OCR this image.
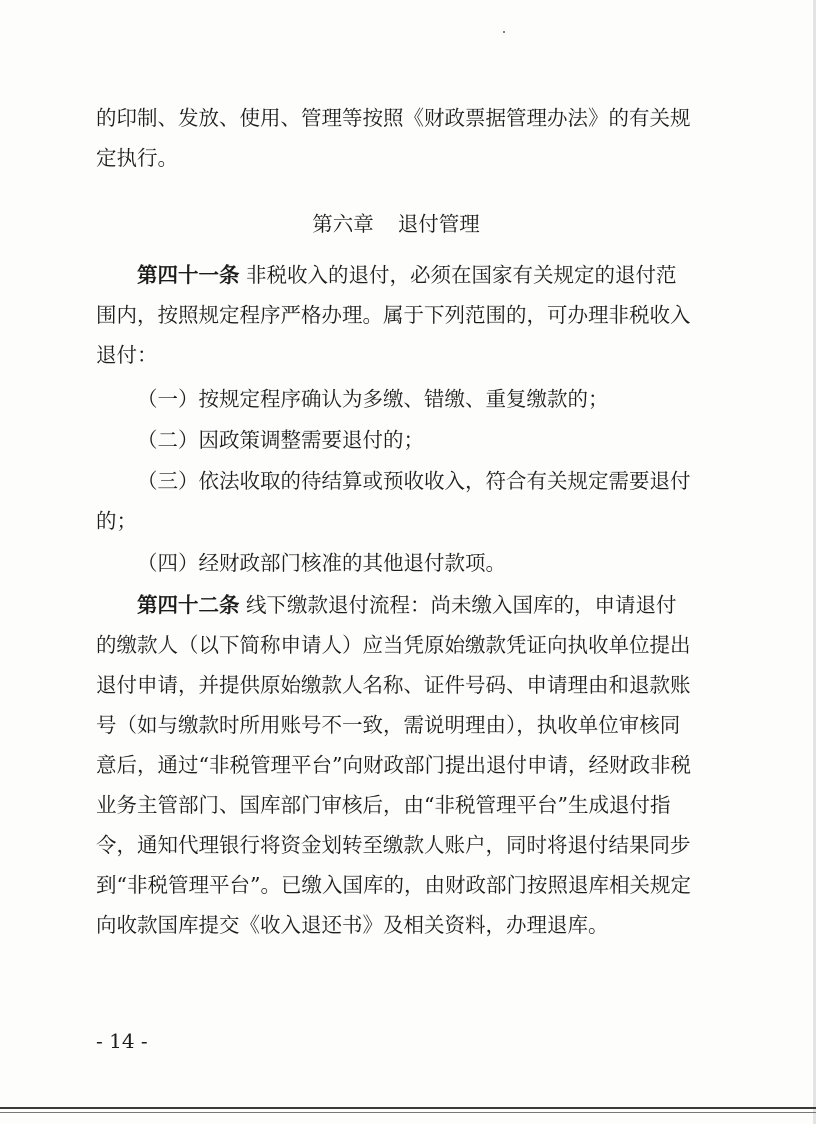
的印制、发放、使用、管理等按照《财政票据管理办法》的有关规定执行。
第六章 退付管理
第四十一条 非税收入的退付，必须在国家有关规定的退付范围内，按照规定程序严格办理。属于下列范围的，可办理非税收入退付：
（一）按规定程序确认为多缴、错缴、重复缴款的；
（二）因政策调整需要退付的；
（三）依法收取的待结算或预收收入，符合有关规定需要退付的；
（四）经财政部门核准的其他退付款项。
第四十二条 线下缴款退付流程：尚未缴入国库的，申请退付的缴款人（以下简称申请人）应当凭原始缴款凭证向执收单位提出退付申请，并提供原始缴款人名称、证件号码、申请理由和退款账号（如与缴款时所用账号不一致，需说明理由），执收单位审核同意后，通过“非税管理平台”向财政部门提出退付申请，经财政非税业务主管部门、国库部门审核后，由“非税管理平台”生成退付指令，通知代理银行将资金划转至缴款人账户，同时将退付结果同步到“非税管理平台”。已缴入国库的，由财政部门按照退库相关规定向收款国库提交《收入退还书》及相关资料，办理退库。
- 14 -
